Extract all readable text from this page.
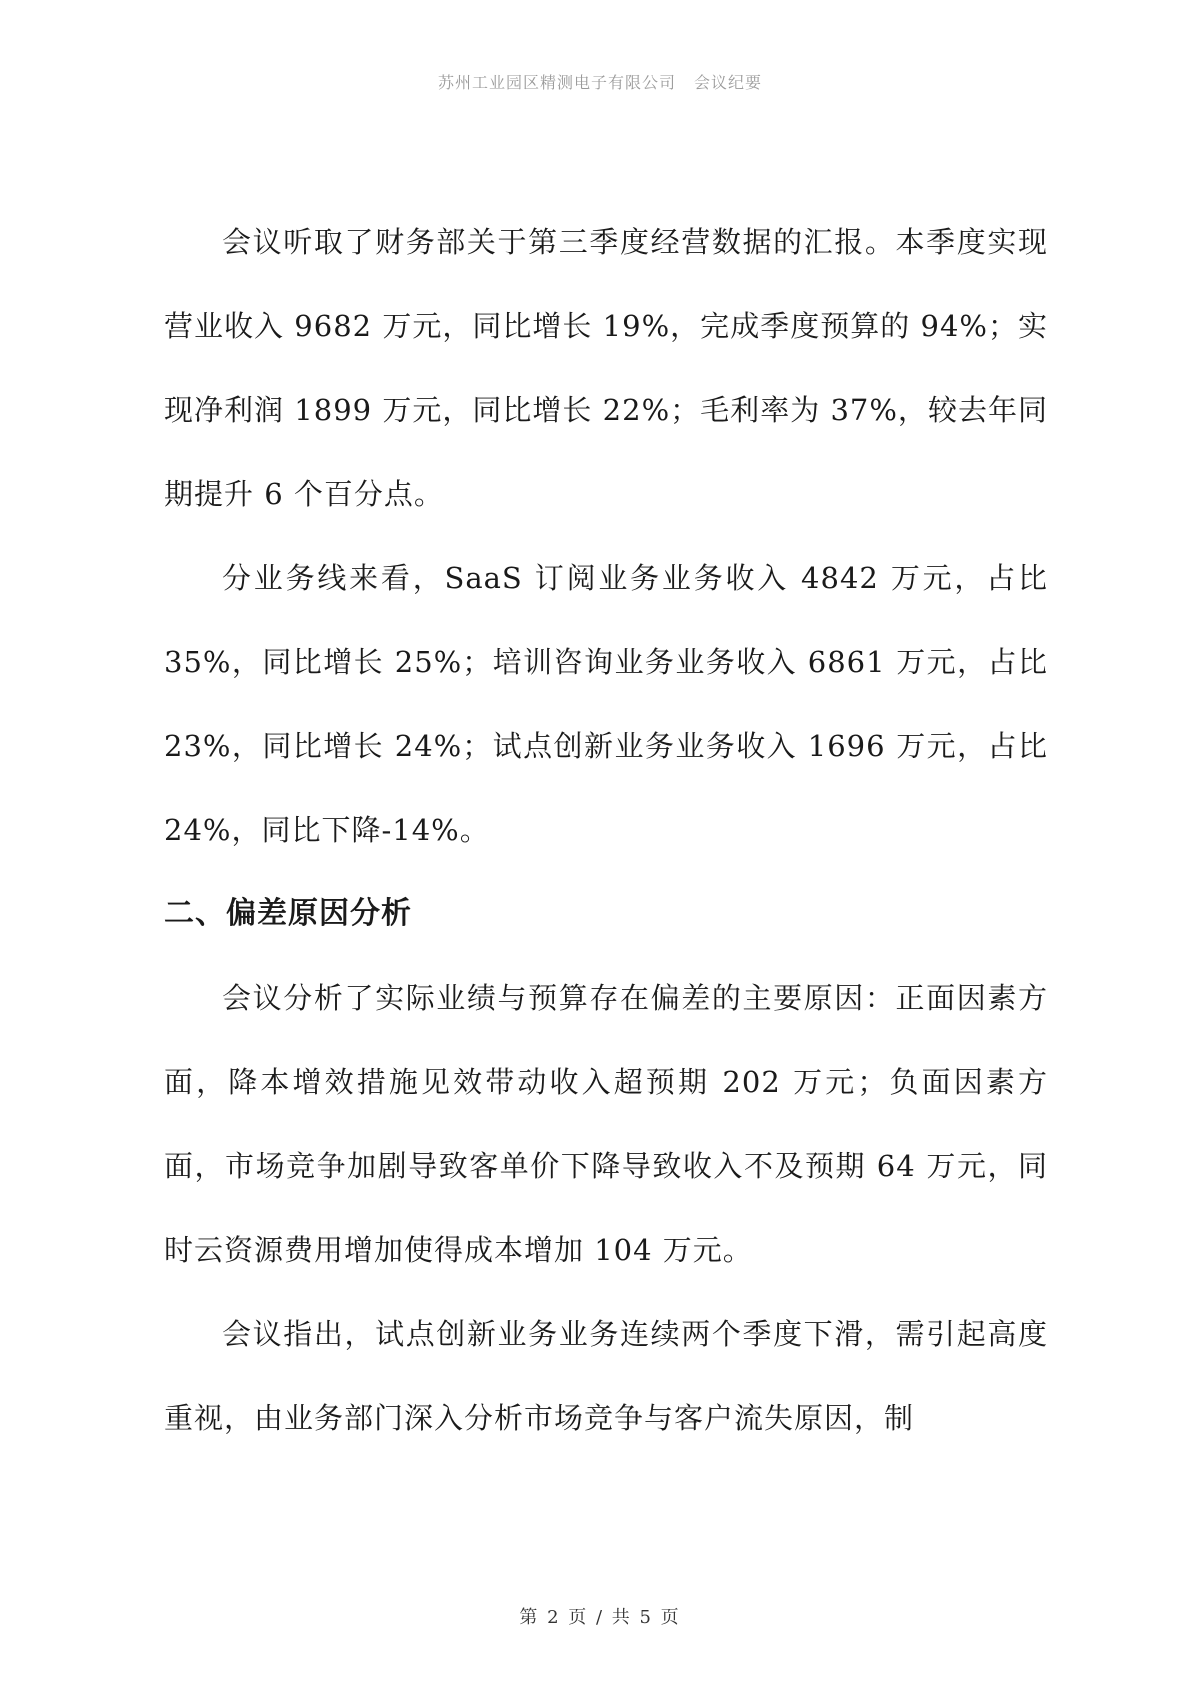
苏州工业园区精测电子有限公司 会议纪要

会议听取了财务部关于第三季度经营数据的汇报。本季度实现营业收入 9682 万元，同比增长 19%，完成季度预算的 94%；实现净利润 1899 万元，同比增长 22%；毛利率为 37%，较去年同期提升 6 个百分点。

分业务线来看，SaaS 订阅业务业务收入 4842 万元，占比 35%，同比增长 25%；培训咨询业务业务收入 6861 万元，占比 23%，同比增长 24%；试点创新业务业务收入 1696 万元，占比 24%，同比下降-14%。

二、偏差原因分析

会议分析了实际业绩与预算存在偏差的主要原因：正面因素方面，降本增效措施见效带动收入超预期 202 万元；负面因素方面，市场竞争加剧导致客单价下降导致收入不及预期 64 万元，同时云资源费用增加使得成本增加 104 万元。

会议指出，试点创新业务业务连续两个季度下滑，需引起高度重视，由业务部门深入分析市场竞争与客户流失原因，制

第 2 页 / 共 5 页
